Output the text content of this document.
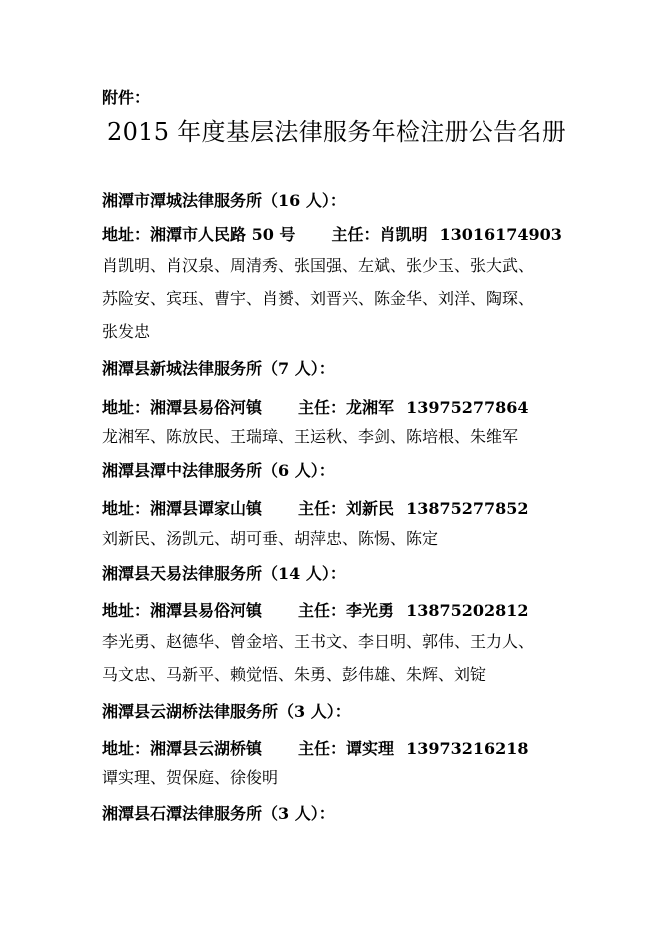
附件：
2015 年度基层法律服务年检注册公告名册
湘潭市潭城法律服务所（16 人）：
地址：湘潭市人民路 50 号 主任：肖凯明 13016174903
肖凯明、肖汉泉、周清秀、张国强、左斌、张少玉、张大武、
苏险安、宾珏、曹宇、肖赟、刘晋兴、陈金华、刘洋、陶琛、
张发忠
湘潭县新城法律服务所（7 人）：
地址：湘潭县易俗河镇 主任：龙湘军 13975277864
龙湘军、陈放民、王瑞璋、王运秋、李剑、陈培根、朱维军
湘潭县潭中法律服务所（6 人）：
地址：湘潭县谭家山镇 主任：刘新民 13875277852
刘新民、汤凯元、胡可垂、胡萍忠、陈惕、陈定
湘潭县天易法律服务所（14 人）：
地址：湘潭县易俗河镇 主任：李光勇 13875202812
李光勇、赵德华、曾金培、王书文、李日明、郭伟、王力人、
马文忠、马新平、赖觉悟、朱勇、彭伟雄、朱辉、刘锭
湘潭县云湖桥法律服务所（3 人）：
地址：湘潭县云湖桥镇 主任：谭实理 13973216218
谭实理、贺保庭、徐俊明
湘潭县石潭法律服务所（3 人）：
